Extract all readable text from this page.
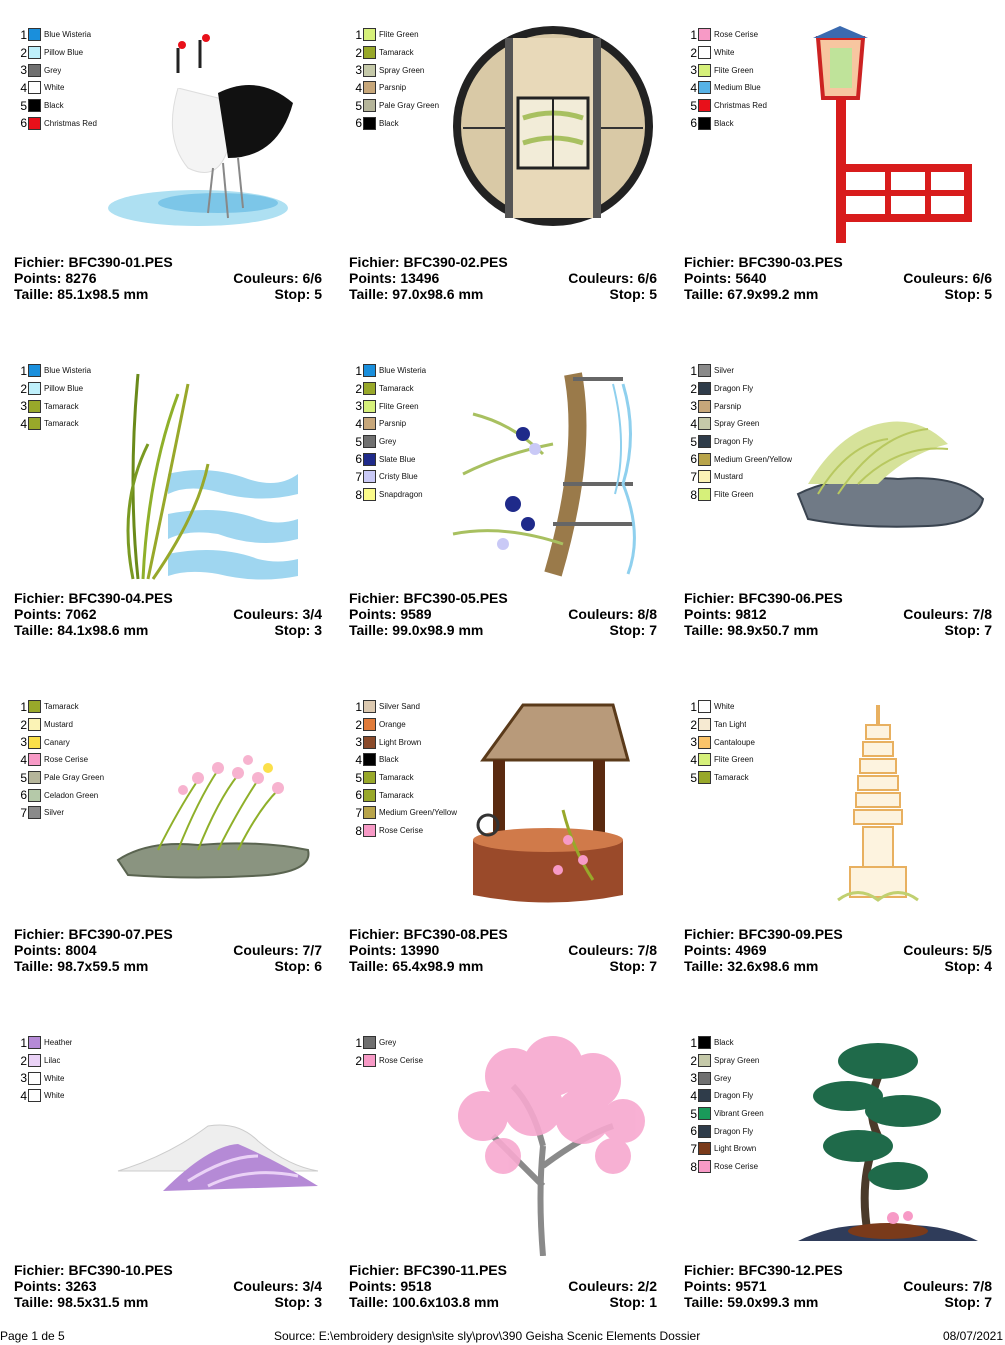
1 Blue Wisteria
2 Pillow Blue
3 Grey
4 White
5 Black
6 Christmas Red
Fichier: BFC390-01.PES
Points: 8276	Couleurs: 6/6
Taille: 85.1x98.5 mm	Stop: 5
1 Flite Green
2 Tamarack
3 Spray Green
4 Parsnip
5 Pale Gray Green
6 Black
Fichier: BFC390-02.PES
Points: 13496	Couleurs: 6/6
Taille: 97.0x98.6 mm	Stop: 5
1 Rose Cerise
2 White
3 Flite Green
4 Medium Blue
5 Christmas Red
6 Black
Fichier: BFC390-03.PES
Points: 5640	Couleurs: 6/6
Taille: 67.9x99.2 mm	Stop: 5
1 Blue Wisteria
2 Pillow Blue
3 Tamarack
4 Tamarack
Fichier: BFC390-04.PES
Points: 7062	Couleurs: 3/4
Taille: 84.1x98.6 mm	Stop: 3
1 Blue Wisteria
2 Tamarack
3 Flite Green
4 Parsnip
5 Grey
6 Slate Blue
7 Cristy Blue
8 Snapdragon
Fichier: BFC390-05.PES
Points: 9589	Couleurs: 8/8
Taille: 99.0x98.9 mm	Stop: 7
1 Silver
2 Dragon Fly
3 Parsnip
4 Spray Green
5 Dragon Fly
6 Medium Green/Yellow
7 Mustard
8 Flite Green
Fichier: BFC390-06.PES
Points: 9812	Couleurs: 7/8
Taille: 98.9x50.7 mm	Stop: 7
1 Tamarack
2 Mustard
3 Canary
4 Rose Cerise
5 Pale Gray Green
6 Celadon Green
7 Silver
Fichier: BFC390-07.PES
Points: 8004	Couleurs: 7/7
Taille: 98.7x59.5 mm	Stop: 6
1 Silver Sand
2 Orange
3 Light Brown
4 Black
5 Tamarack
6 Tamarack
7 Medium Green/Yellow
8 Rose Cerise
Fichier: BFC390-08.PES
Points: 13990	Couleurs: 7/8
Taille: 65.4x98.9 mm	Stop: 7
1 White
2 Tan Light
3 Cantaloupe
4 Flite Green
5 Tamarack
Fichier: BFC390-09.PES
Points: 4969	Couleurs: 5/5
Taille: 32.6x98.6 mm	Stop: 4
1 Heather
2 Lilac
3 White
4 White
Fichier: BFC390-10.PES
Points: 3263	Couleurs: 3/4
Taille: 98.5x31.5 mm	Stop: 3
1 Grey
2 Rose Cerise
Fichier: BFC390-11.PES
Points: 9518	Couleurs: 2/2
Taille: 100.6x103.8 mm	Stop: 1
1 Black
2 Spray Green
3 Grey
4 Dragon Fly
5 Vibrant Green
6 Dragon Fly
7 Light Brown
8 Rose Cerise
Fichier: BFC390-12.PES
Points: 9571	Couleurs: 7/8
Taille: 59.0x99.3 mm	Stop: 7
Page 1 de 5	Source: E:\embroidery design\site sly\prov\390 Geisha Scenic Elements Dossier	08/07/2021
